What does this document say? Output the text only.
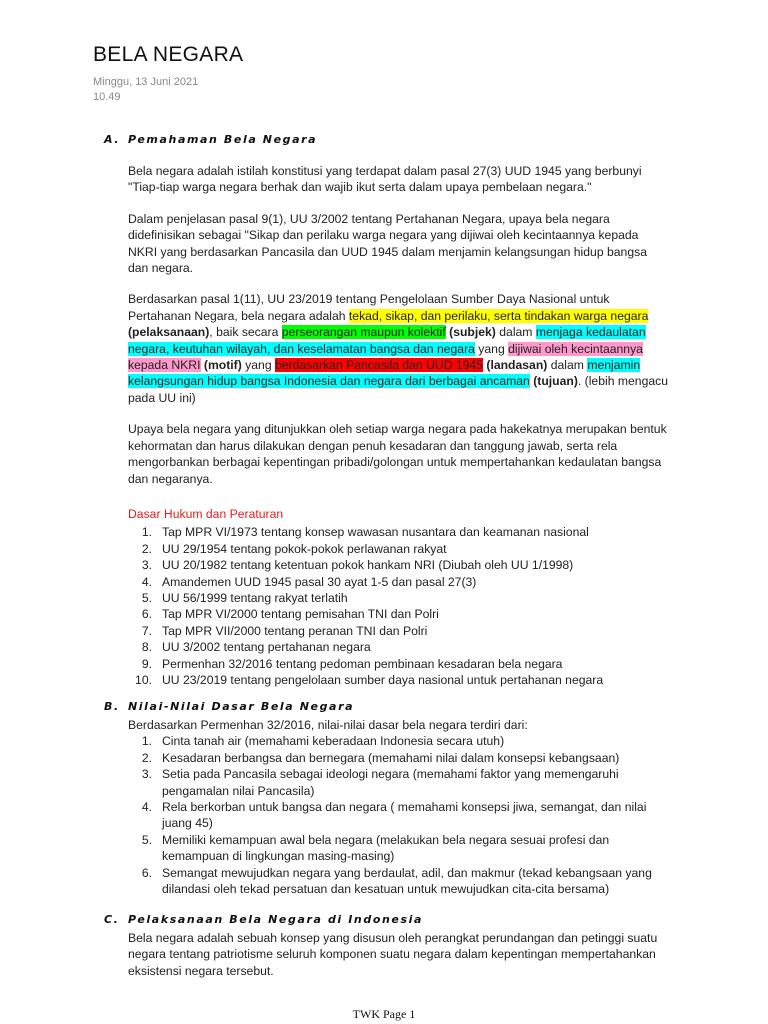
BELA NEGARA
Minggu, 13 Juni 2021
10.49
A. Pemahaman Bela Negara

Bela negara adalah istilah konstitusi yang terdapat dalam pasal 27(3) UUD 1945 yang berbunyi "Tiap-tiap warga negara berhak dan wajib ikut serta dalam upaya pembelaan negara."

Dalam penjelasan pasal 9(1), UU 3/2002 tentang Pertahanan Negara, upaya bela negara didefinisikan sebagai "Sikap dan perilaku warga negara yang dijiwai oleh kecintaannya kepada NKRI yang berdasarkan Pancasila dan UUD 1945 dalam menjamin kelangsungan hidup bangsa dan negara.

Berdasarkan pasal 1(11), UU 23/2019 tentang Pengelolaan Sumber Daya Nasional untuk Pertahanan Negara, bela negara adalah tekad, sikap, dan perilaku, serta tindakan warga negara (pelaksanaan), baik secara perseorangan maupun kolektif (subjek) dalam menjaga kedaulatan negara, keutuhan wilayah, dan keselamatan bangsa dan negara yang dijiwai oleh kecintaannya kepada NKRI (motif) yang berdasarkan Pancasila dan UUD 1945 (landasan) dalam menjamin kelangsungan hidup bangsa Indonesia dan negara dari berbagai ancaman (tujuan). (lebih mengacu pada UU ini)

Upaya bela negara yang ditunjukkan oleh setiap warga negara pada hakekatnya merupakan bentuk kehormatan dan harus dilakukan dengan penuh kesadaran dan tanggung jawab, serta rela mengorbankan berbagai kepentingan pribadi/golongan untuk mempertahankan kedaulatan bangsa dan negaranya.

Dasar Hukum dan Peraturan
1. Tap MPR VI/1973 tentang konsep wawasan nusantara dan keamanan nasional
2. UU 29/1954 tentang pokok-pokok perlawanan rakyat
3. UU 20/1982 tentang ketentuan pokok hankam NRI (Diubah oleh UU 1/1998)
4. Amandemen UUD 1945 pasal 30 ayat 1-5 dan pasal 27(3)
5. UU 56/1999 tentang rakyat terlatih
6. Tap MPR VI/2000 tentang pemisahan TNI dan Polri
7. Tap MPR VII/2000 tentang peranan TNI dan Polri
8. UU 3/2002 tentang pertahanan negara
9. Permenhan 32/2016 tentang pedoman pembinaan kesadaran bela negara
10. UU 23/2019 tentang pengelolaan sumber daya nasional untuk pertahanan negara
B. Nilai-Nilai Dasar Bela Negara
Berdasarkan Permenhan 32/2016, nilai-nilai dasar bela negara terdiri dari:
1. Cinta tanah air (memahami keberadaan Indonesia secara utuh)
2. Kesadaran berbangsa dan bernegara (memahami nilai dalam konsepsi kebangsaan)
3. Setia pada Pancasila sebagai ideologi negara (memahami faktor yang memengaruhi pengamalan nilai Pancasila)
4. Rela berkorban untuk bangsa dan negara ( memahami konsepsi jiwa, semangat, dan nilai juang 45)
5. Memiliki kemampuan awal bela negara (melakukan bela negara sesuai profesi dan kemampuan di lingkungan masing-masing)
6. Semangat mewujudkan negara yang berdaulat, adil, dan makmur (tekad kebangsaan yang dilandasi oleh tekad persatuan dan kesatuan untuk mewujudkan cita-cita bersama)
C. Pelaksanaan Bela Negara di Indonesia
Bela negara adalah sebuah konsep yang disusun oleh perangkat perundangan dan petinggi suatu negara tentang patriotisme seluruh komponen suatu negara dalam kepentingan mempertahankan eksistensi negara tersebut.
TWK Page 1
